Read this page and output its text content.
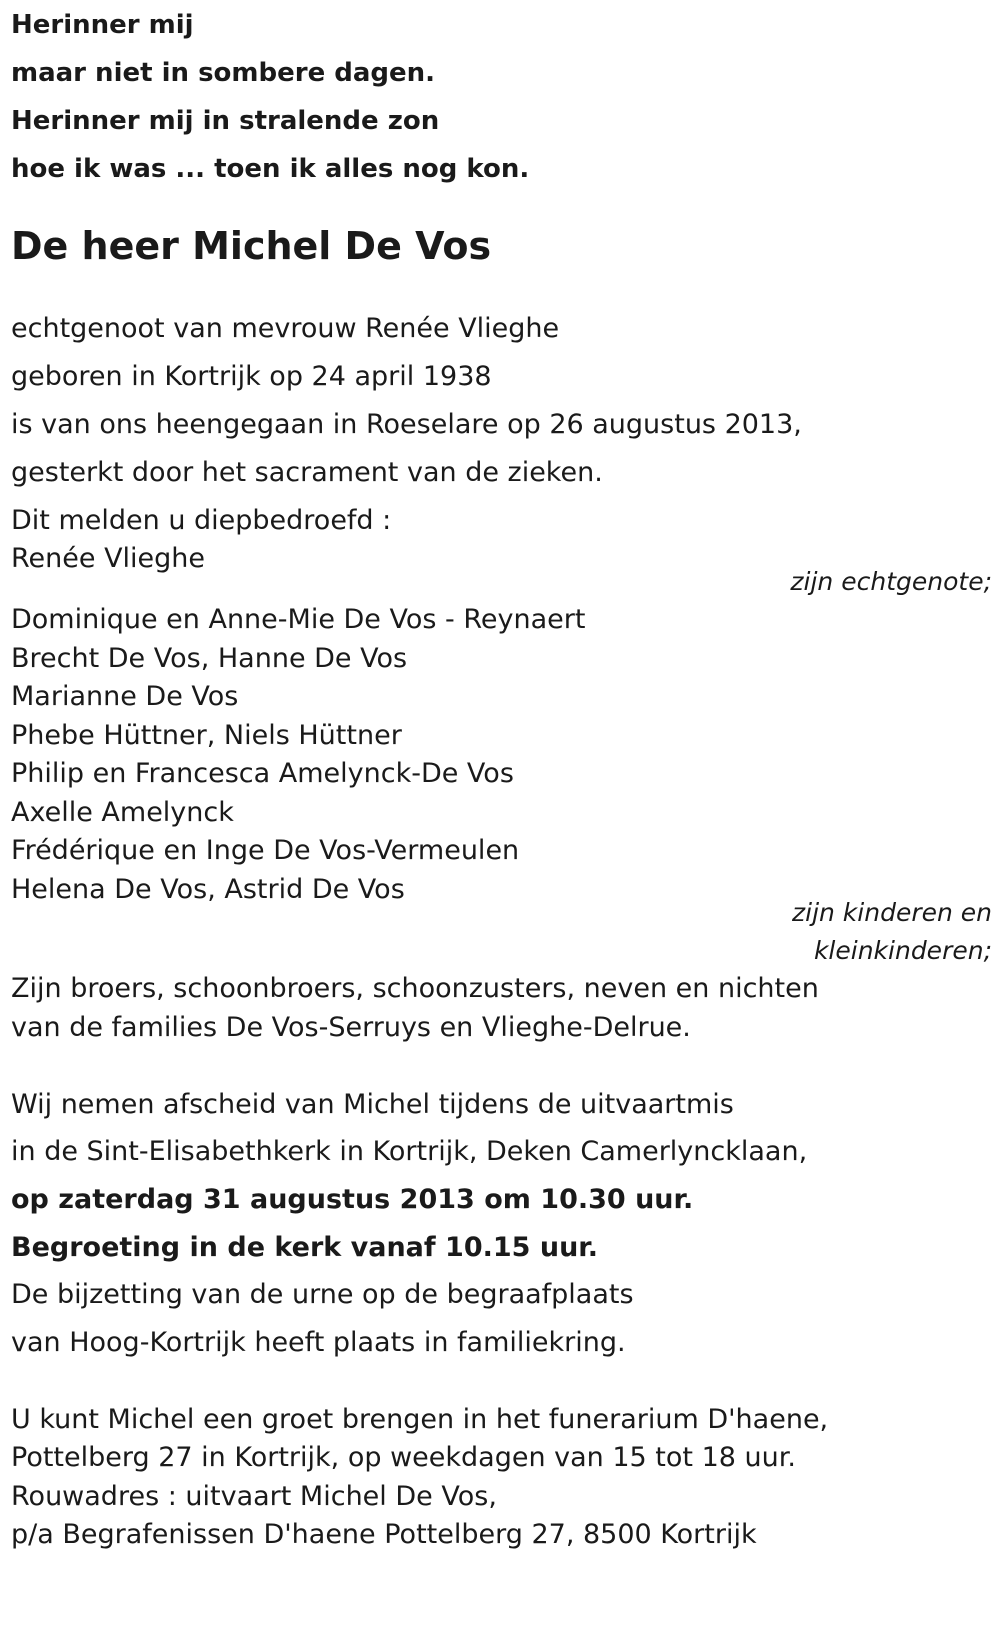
Herinner mij
maar niet in sombere dagen.
Herinner mij in stralende zon
hoe ik was ... toen ik alles nog kon.
De heer Michel De Vos
echtgenoot van mevrouw Renée Vlieghe
geboren in Kortrijk op 24 april 1938
is van ons heengegaan in Roeselare op 26 augustus 2013,
gesterkt door het sacrament van de zieken.
Dit melden u diepbedroefd :
Renée Vlieghe
zijn echtgenote;
Dominique en Anne-Mie De Vos - Reynaert
Brecht De Vos, Hanne De Vos
Marianne De Vos
Phebe Hüttner, Niels Hüttner
Philip en Francesca Amelynck-De Vos
Axelle Amelynck
Frédérique en Inge De Vos-Vermeulen
Helena De Vos, Astrid De Vos
zijn kinderen en
kleinkinderen;
Zijn broers, schoonbroers, schoonzusters, neven en nichten
van de families De Vos-Serruys en Vlieghe-Delrue.
Wij nemen afscheid van Michel tijdens de uitvaartmis
in de Sint-Elisabethkerk in Kortrijk, Deken Camerlyncklaan,
op zaterdag 31 augustus 2013 om 10.30 uur.
Begroeting in de kerk vanaf 10.15 uur.
De bijzetting van de urne op de begraafplaats
van Hoog-Kortrijk heeft plaats in familiekring.
U kunt Michel een groet brengen in het funerarium D'haene,
Pottelberg 27 in Kortrijk, op weekdagen van 15 tot 18 uur.
Rouwadres : uitvaart Michel De Vos,
p/a Begrafenissen D'haene Pottelberg 27, 8500 Kortrijk
